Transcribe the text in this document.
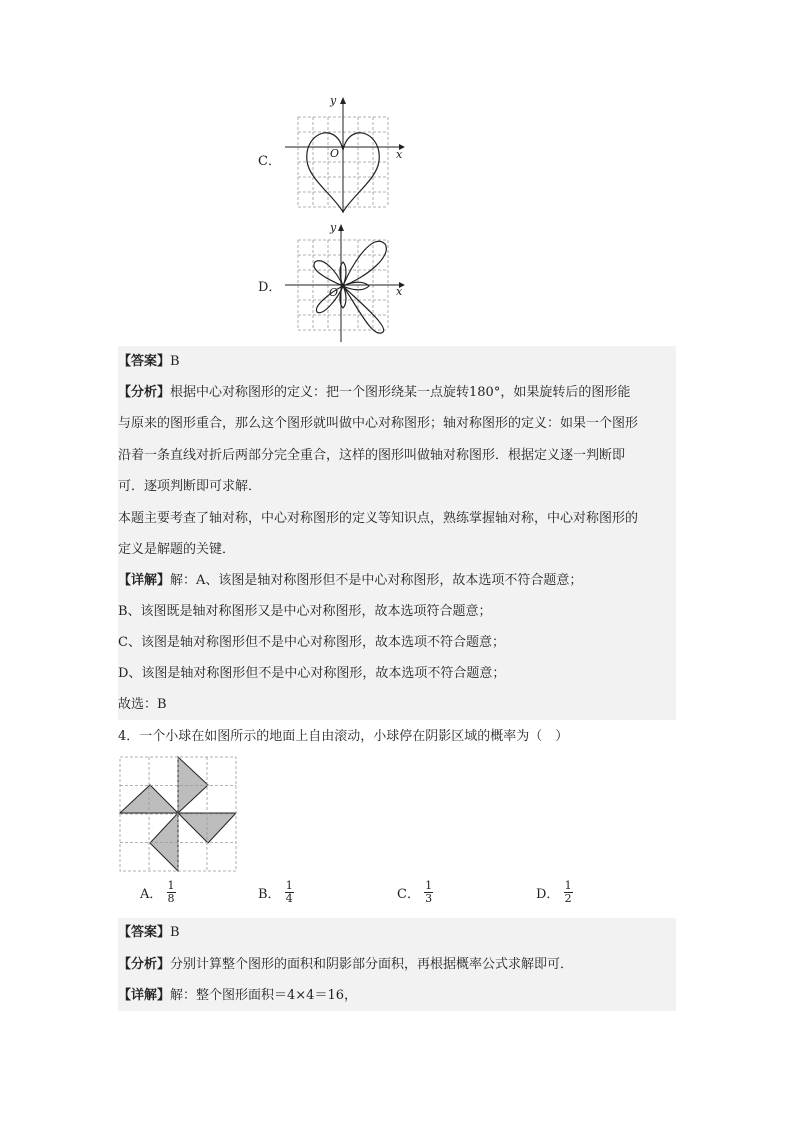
C．
y
x
O
D．
y
x
O
【答案】B
【分析】根据中心对称图形的定义：把一个图形绕某一点旋转180°，如果旋转后的图形能
与原来的图形重合，那么这个图形就叫做中心对称图形；轴对称图形的定义：如果一个图形
沿着一条直线对折后两部分完全重合，这样的图形叫做轴对称图形．根据定义逐一判断即
可．逐项判断即可求解．
本题主要考查了轴对称，中心对称图形的定义等知识点，熟练掌握轴对称，中心对称图形的
定义是解题的关键．
【详解】解：A、该图是轴对称图形但不是中心对称图形，故本选项不符合题意；
B、该图既是轴对称图形又是中心对称图形，故本选项符合题意；
C、该图是轴对称图形但不是中心对称图形，故本选项不符合题意；
D、该图是轴对称图形但不是中心对称图形，故本选项不符合题意；
故选：B
4．一个小球在如图所示的地面上自由滚动，小球停在阴影区域的概率为（　）
A． $\frac{1}{8}$	B． $\frac{1}{4}$	C． $\frac{1}{3}$	D． $\frac{1}{2}$
【答案】B
【分析】分别计算整个图形的面积和阴影部分面积，再根据概率公式求解即可．
【详解】解：整个图形面积＝4×4＝16，
